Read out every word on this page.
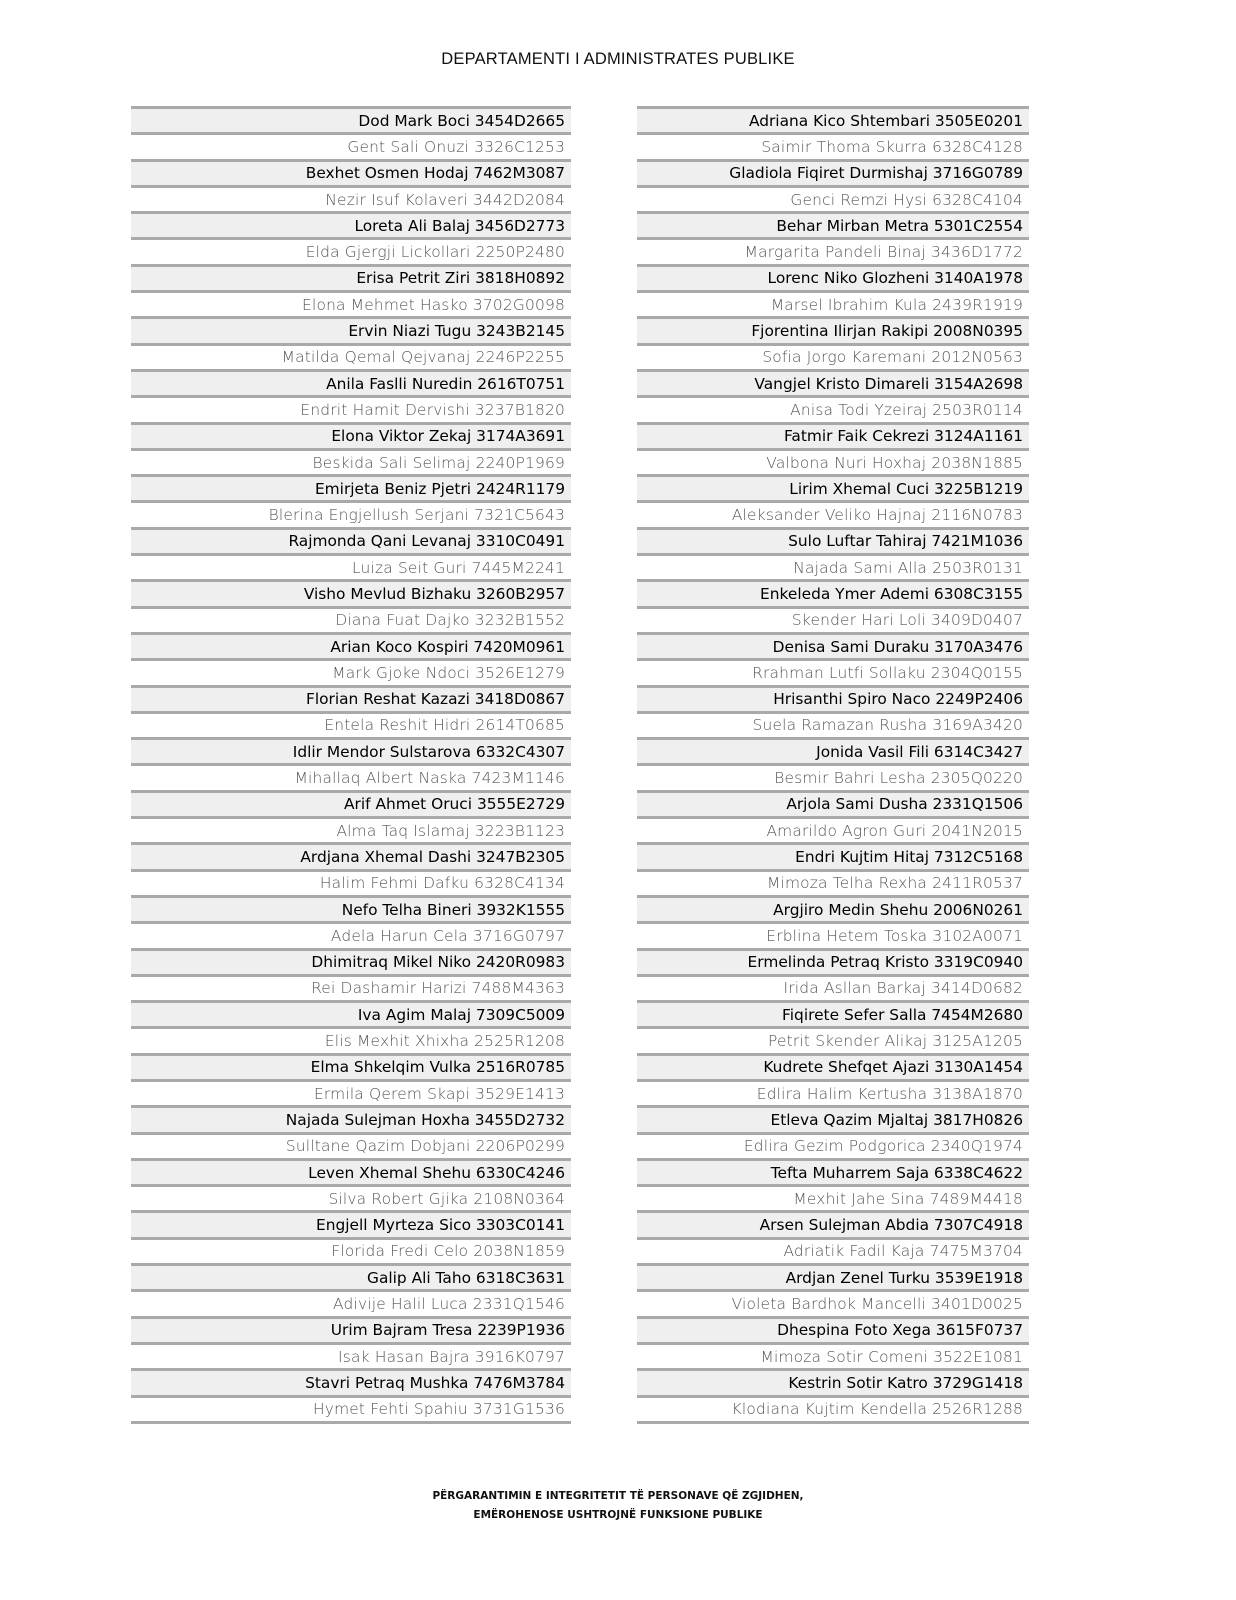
DEPARTAMENTI I ADMINISTRATES PUBLIKE
Dod Mark Boci 3454D2665
Gent Sali Onuzi 3326C1253
Bexhet Osmen Hodaj 7462M3087
Nezir Isuf Kolaveri 3442D2084
Loreta Ali Balaj 3456D2773
Elda Gjergji Lickollari 2250P2480
Erisa Petrit Ziri 3818H0892
Elona Mehmet Hasko 3702G0098
Ervin Niazi Tugu 3243B2145
Matilda Qemal Qejvanaj 2246P2255
Anila Faslli Nuredin 2616T0751
Endrit Hamit Dervishi 3237B1820
Elona Viktor Zekaj 3174A3691
Beskida Sali Selimaj 2240P1969
Emirjeta Beniz Pjetri 2424R1179
Blerina Engjellush Serjani 7321C5643
Rajmonda Qani Levanaj 3310C0491
Luiza Seit Guri 7445M2241
Visho Mevlud Bizhaku 3260B2957
Diana Fuat Dajko 3232B1552
Arian Koco Kospiri 7420M0961
Mark Gjoke Ndoci 3526E1279
Florian Reshat Kazazi 3418D0867
Entela Reshit Hidri 2614T0685
Idlir Mendor Sulstarova 6332C4307
Mihallaq Albert Naska 7423M1146
Arif Ahmet Oruci 3555E2729
Alma Taq Islamaj 3223B1123
Ardjana Xhemal Dashi 3247B2305
Halim Fehmi Dafku 6328C4134
Nefo Telha Bineri 3932K1555
Adela Harun Cela 3716G0797
Dhimitraq Mikel Niko 2420R0983
Rei Dashamir Harizi 7488M4363
Iva Agim Malaj 7309C5009
Elis Mexhit Xhixha 2525R1208
Elma Shkelqim Vulka 2516R0785
Ermila Qerem Skapi 3529E1413
Najada Sulejman Hoxha 3455D2732
Sulltane Qazim Dobjani 2206P0299
Leven Xhemal Shehu 6330C4246
Silva Robert Gjika 2108N0364
Engjell Myrteza Sico 3303C0141
Florida Fredi Celo 2038N1859
Galip Ali Taho 6318C3631
Adivije Halil Luca 2331Q1546
Urim Bajram Tresa 2239P1936
Isak Hasan Bajra 3916K0797
Stavri Petraq Mushka 7476M3784
Hymet Fehti Spahiu 3731G1536
Adriana Kico Shtembari 3505E0201
Saimir Thoma Skurra 6328C4128
Gladiola Fiqiret Durmishaj 3716G0789
Genci Remzi Hysi 6328C4104
Behar Mirban Metra 5301C2554
Margarita Pandeli Binaj 3436D1772
Lorenc Niko Glozheni 3140A1978
Marsel Ibrahim Kula 2439R1919
Fjorentina Ilirjan Rakipi 2008N0395
Sofia Jorgo Karemani 2012N0563
Vangjel Kristo Dimareli 3154A2698
Anisa Todi Yzeiraj 2503R0114
Fatmir Faik Cekrezi 3124A1161
Valbona Nuri Hoxhaj 2038N1885
Lirim Xhemal Cuci 3225B1219
Aleksander Veliko Hajnaj 2116N0783
Sulo Luftar Tahiraj 7421M1036
Najada Sami Alla 2503R0131
Enkeleda Ymer Ademi 6308C3155
Skender Hari Loli 3409D0407
Denisa Sami Duraku 3170A3476
Rrahman Lutfi Sollaku 2304Q0155
Hrisanthi Spiro Naco 2249P2406
Suela Ramazan Rusha 3169A3420
Jonida Vasil Fili 6314C3427
Besmir Bahri Lesha 2305Q0220
Arjola Sami Dusha 2331Q1506
Amarildo Agron Guri 2041N2015
Endri Kujtim Hitaj 7312C5168
Mimoza Telha Rexha 2411R0537
Argjiro Medin Shehu 2006N0261
Erblina Hetem Toska 3102A0071
Ermelinda Petraq Kristo 3319C0940
Irida Asllan Barkaj 3414D0682
Fiqirete Sefer Salla 7454M2680
Petrit Skender Alikaj 3125A1205
Kudrete Shefqet Ajazi 3130A1454
Edlira Halim Kertusha 3138A1870
Etleva Qazim Mjaltaj 3817H0826
Edlira Gezim Podgorica 2340Q1974
Tefta Muharrem Saja 6338C4622
Mexhit Jahe Sina 7489M4418
Arsen Sulejman Abdia 7307C4918
Adriatik Fadil Kaja 7475M3704
Ardjan Zenel Turku 3539E1918
Violeta Bardhok Mancelli 3401D0025
Dhespina Foto Xega 3615F0737
Mimoza Sotir Comeni 3522E1081
Kestrin Sotir Katro 3729G1418
Klodiana Kujtim Kendella 2526R1288
PËRGARANTIMIN E INTEGRITETIT TË PERSONAVE QË ZGJIDHEN,
EMËROHENOSE USHTROJNË FUNKSIONE PUBLIKE
